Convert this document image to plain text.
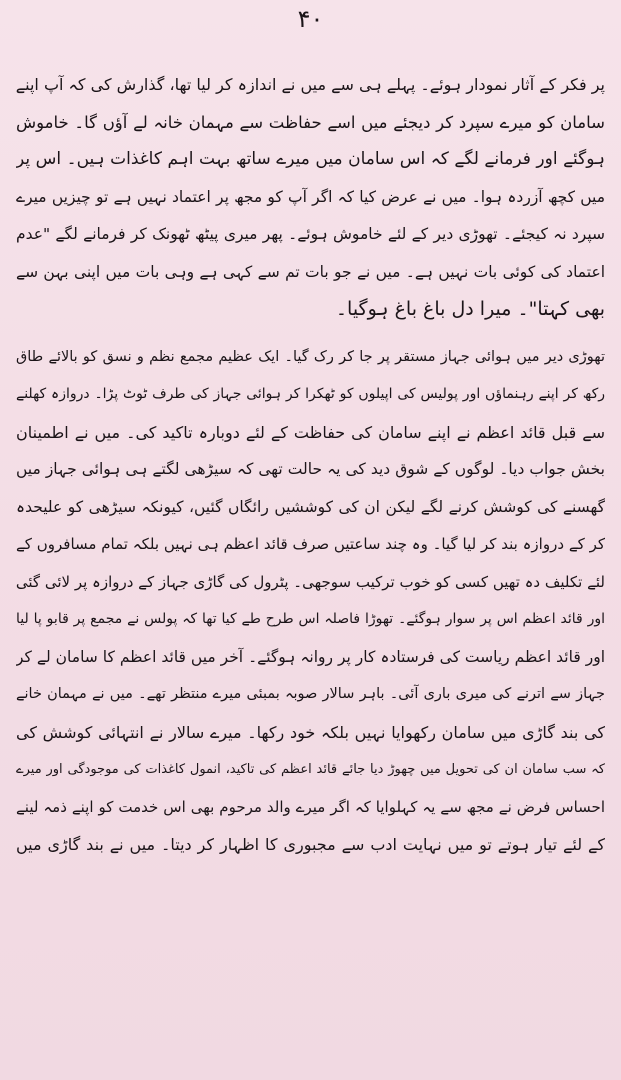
۴۰

پر فکر کے آثار نمودار ہوئے۔ پہلے ہی سے میں نے اندازہ کر لیا تھا، گذارش کی کہ آپ اپنے
سامان کو میرے سپرد کر دیجئے میں اسے حفاظت سے مہمان خانہ لے آؤں گا۔ خاموش
ہوگئے اور فرمانے لگے کہ اس سامان میں میرے ساتھ بہت اہم کاغذات ہیں۔ اس پر
میں کچھ آزردہ ہوا۔ میں نے عرض کیا کہ اگر آپ کو مجھ پر اعتماد نہیں ہے تو چیزیں میرے
سپرد نہ کیجئے۔ تھوڑی دیر کے لئے خاموش ہوئے۔ پھر میری پیٹھ ٹھونک کر فرمانے لگے "عدم
اعتماد کی کوئی بات نہیں ہے۔ میں نے جو بات تم سے کہی ہے وہی بات میں اپنی بہن سے
بھی کہتا"۔ میرا دل باغ باغ ہوگیا۔

تھوڑی دیر میں ہوائی جہاز مستقر پر جا کر رک گیا۔ ایک عظیم مجمع نظم و نسق کو بالائے طاق
رکھ کر اپنے رہنماؤں اور پولیس کی اپیلوں کو ٹھکرا کر ہوائی جہاز کی طرف ٹوٹ پڑا۔ دروازہ کھلنے
سے قبل قائد اعظم نے اپنے سامان کی حفاظت کے لئے دوبارہ تاکید کی۔ میں نے اطمینان
بخش جواب دیا۔ لوگوں کے شوق دید کی یہ حالت تھی کہ سیڑھی لگتے ہی ہوائی جہاز میں
گھسنے کی کوشش کرنے لگے لیکن ان کی کوششیں رائگاں گئیں، کیونکہ سیڑھی کو علیحدہ
کر کے دروازہ بند کر لیا گیا۔ وہ چند ساعتیں صرف قائد اعظم ہی نہیں بلکہ تمام مسافروں کے
لئے تکلیف دہ تھیں کسی کو خوب ترکیب سوجھی۔ پٹرول کی گاڑی جہاز کے دروازہ پر لائی گئی
اور قائد اعظم اس پر سوار ہوگئے۔ تھوڑا فاصلہ اس طرح طے کیا تھا کہ پولس نے مجمع پر قابو پا لیا
اور قائد اعظم ریاست کی فرستادہ کار پر روانہ ہوگئے۔ آخر میں قائد اعظم کا سامان لے کر
جہاز سے اترنے کی میری باری آئی۔ باہر سالار صوبہ بمبئی میرے منتظر تھے۔ میں نے مہمان خانے
کی بند گاڑی میں سامان رکھوایا نہیں بلکہ خود رکھا۔ میرے سالار نے انتہائی کوشش کی
کہ سب سامان ان کی تحویل میں چھوڑ دیا جائے قائد اعظم کی تاکید، انمول کاغذات کی موجودگی اور میرے
احساس فرض نے مجھ سے یہ کہلوایا کہ اگر میرے والد مرحوم بھی اس خدمت کو اپنے ذمہ لینے
کے لئے تیار ہوتے تو میں نہایت ادب سے مجبوری کا اظہار کر دیتا۔ میں نے بند گاڑی میں
